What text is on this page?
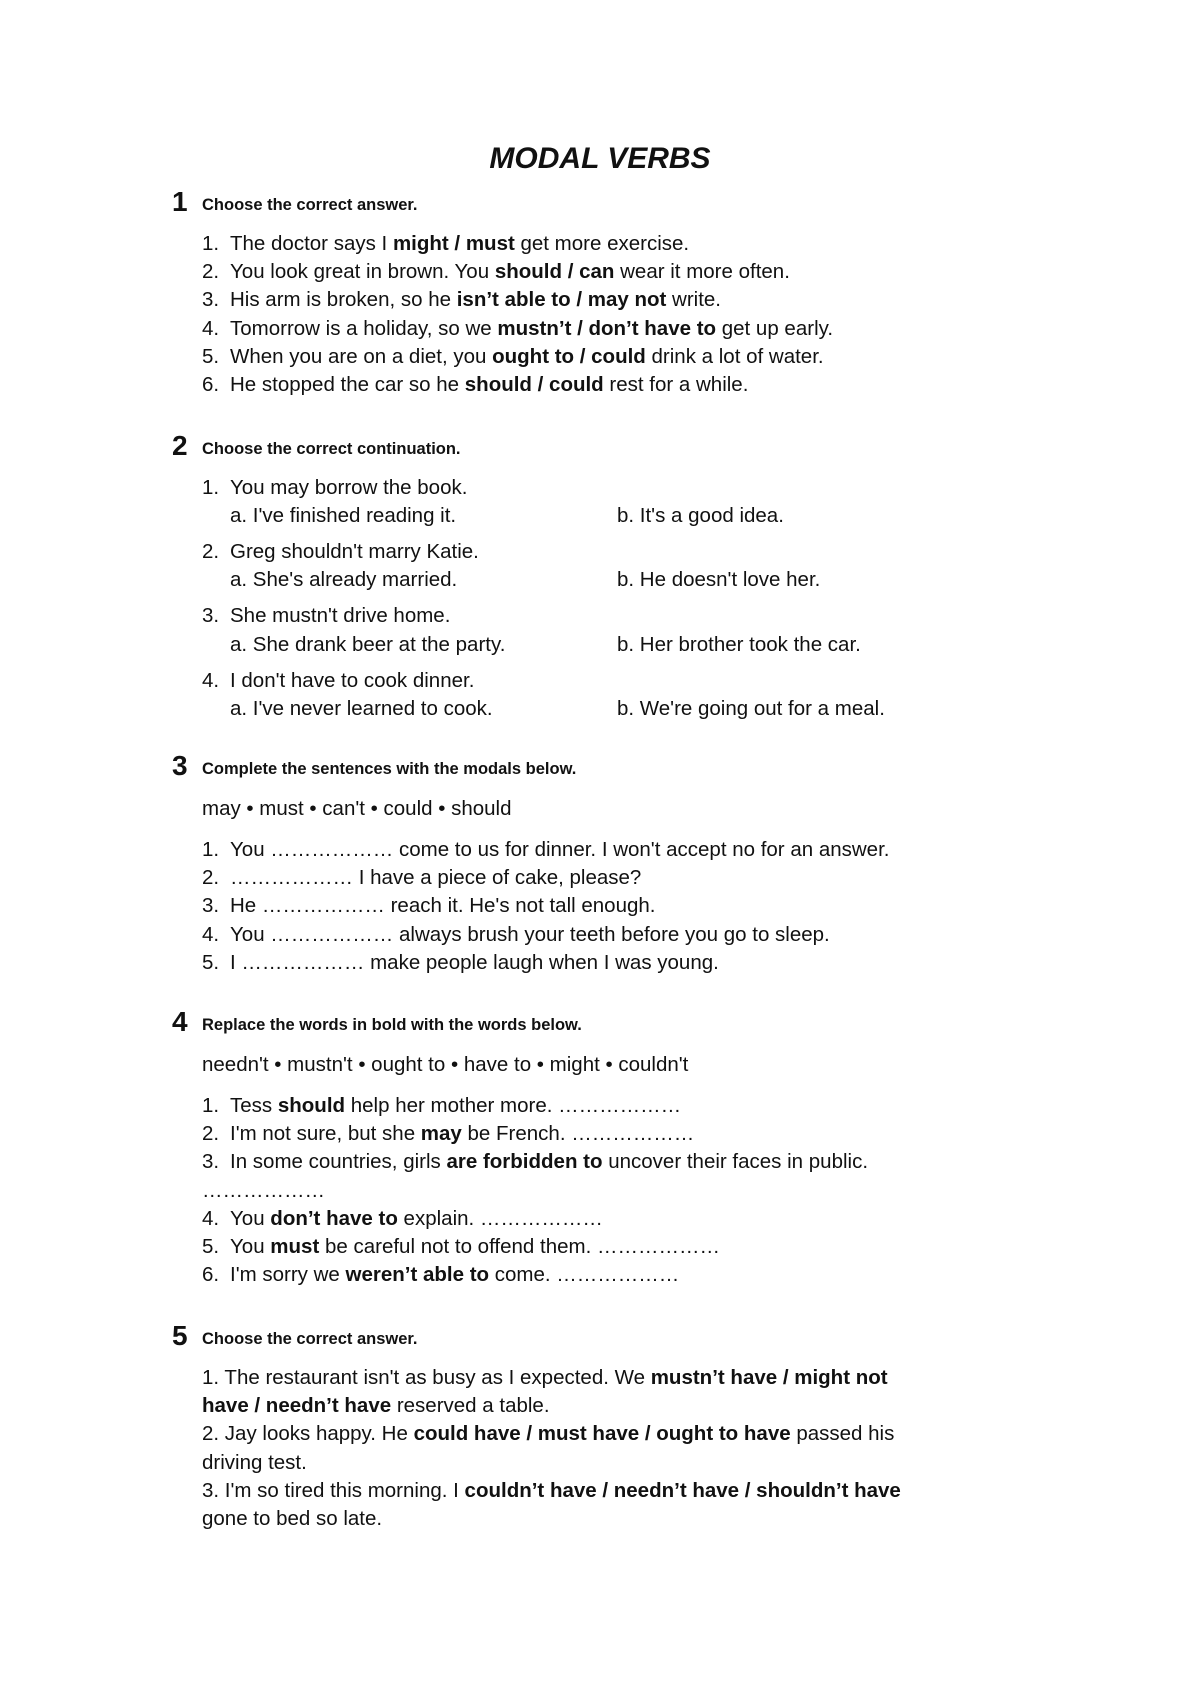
MODAL VERBS
1 Choose the correct answer.
1. The doctor says I might / must get more exercise.
2. You look great in brown. You should / can wear it more often.
3. His arm is broken, so he isn’t able to / may not write.
4. Tomorrow is a holiday, so we mustn’t / don’t have to get up early.
5. When you are on a diet, you ought to / could drink a lot of water.
6. He stopped the car so he should / could rest for a while.
2 Choose the correct continuation.
1. You may borrow the book.
a. I've finished reading it.	b. It's a good idea.
2. Greg shouldn't marry Katie.
a. She's already married.	b. He doesn't love her.
3. She mustn't drive home.
a. She drank beer at the party.	b. Her brother took the car.
4. I don't have to cook dinner.
a. I've never learned to cook.	b. We're going out for a meal.
3 Complete the sentences with the modals below.
may • must • can't • could • should
1. You ……………… come to us for dinner. I won't accept no for an answer.
2. ……………… I have a piece of cake, please?
3. He ……………… reach it. He's not tall enough.
4. You ……………… always brush your teeth before you go to sleep.
5. I ……………… make people laugh when I was young.
4 Replace the words in bold with the words below.
needn't • mustn't • ought to • have to • might • couldn't
1. Tess should help her mother more. ………………
2. I'm not sure, but she may be French. ………………
3. In some countries, girls are forbidden to uncover their faces in public.
………………
4. You don’t have to explain. ………………
5. You must be careful not to offend them. ………………
6. I'm sorry we weren’t able to come. ………………
5 Choose the correct answer.
1. The restaurant isn't as busy as I expected. We mustn’t have / might not
have / needn’t have reserved a table.
2. Jay looks happy. He could have / must have / ought to have passed his
driving test.
3. I'm so tired this morning. I couldn’t have / needn’t have / shouldn’t have
gone to bed so late.
